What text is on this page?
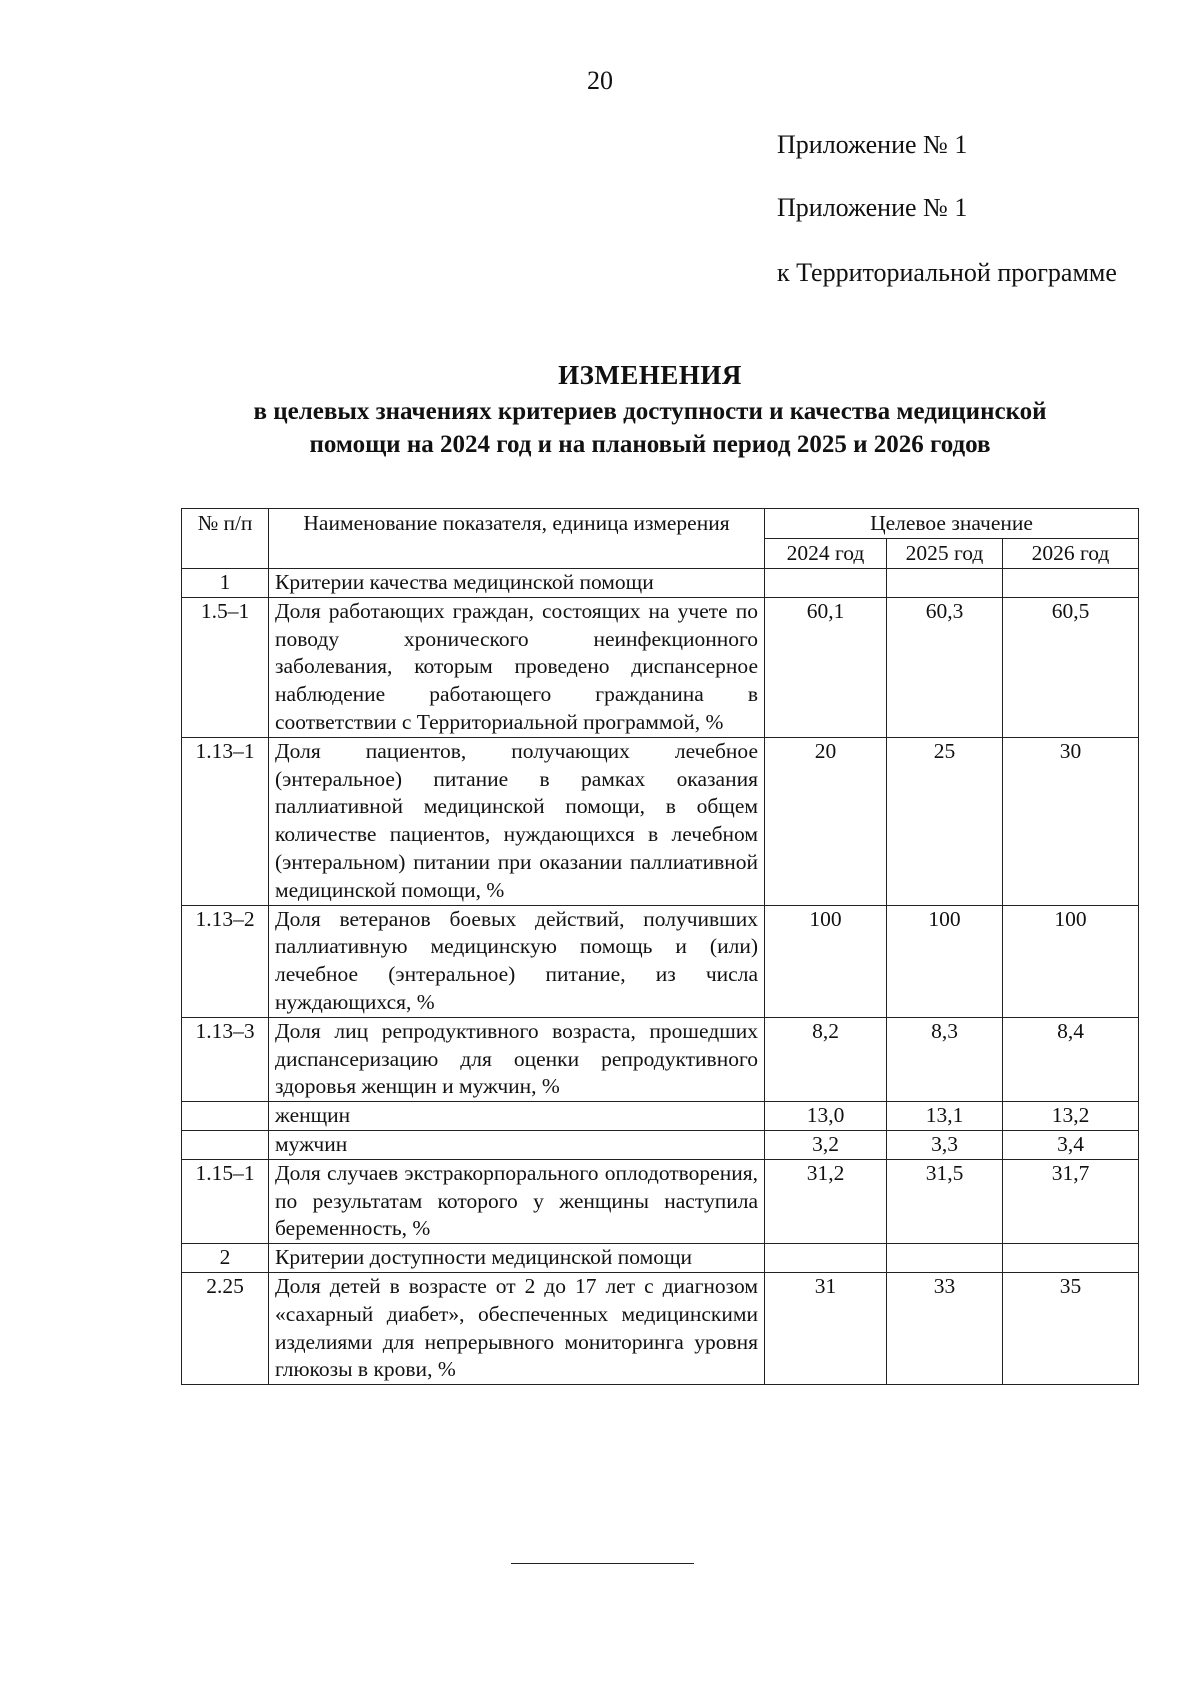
20
Приложение № 1
Приложение № 1
к Территориальной программе
ИЗМЕНЕНИЯ
в целевых значениях критериев доступности и качества медицинской
помощи на 2024 год и на плановый период 2025 и 2026 годов
№ п/п	Наименование показателя, единица измерения	Целевое значение		
		2024 год	2025 год	2026 год
1	Критерии качества медицинской помощи			
1.5–1	Доля работающих граждан, состоящих на учете по поводу хронического неинфекционного заболевания, которым проведено диспансерное наблюдение работающего гражданина в соответствии с Территориальной программой, %	60,1	60,3	60,5
1.13–1	Доля пациентов, получающих лечебное (энтеральное) питание в рамках оказания паллиативной медицинской помощи, в общем количестве пациентов, нуждающихся в лечебном (энтеральном) питании при оказании паллиативной медицинской помощи, %	20	25	30
1.13–2	Доля ветеранов боевых действий, получивших паллиативную медицинскую помощь и (или) лечебное (энтеральное) питание, из числа нуждающихся, %	100	100	100
1.13–3	Доля лиц репродуктивного возраста, прошедших диспансеризацию для оценки репродуктивного здоровья женщин и мужчин, %	8,2	8,3	8,4
	женщин	13,0	13,1	13,2
	мужчин	3,2	3,3	3,4
1.15–1	Доля случаев экстракорпорального оплодотворения, по результатам которого у женщины наступила беременность, %	31,2	31,5	31,7
2	Критерии доступности медицинской помощи			
2.25	Доля детей в возрасте от 2 до 17 лет с диагнозом «сахарный диабет», обеспеченных медицинскими изделиями для непрерывного мониторинга уровня глюкозы в крови, %	31	33	35
